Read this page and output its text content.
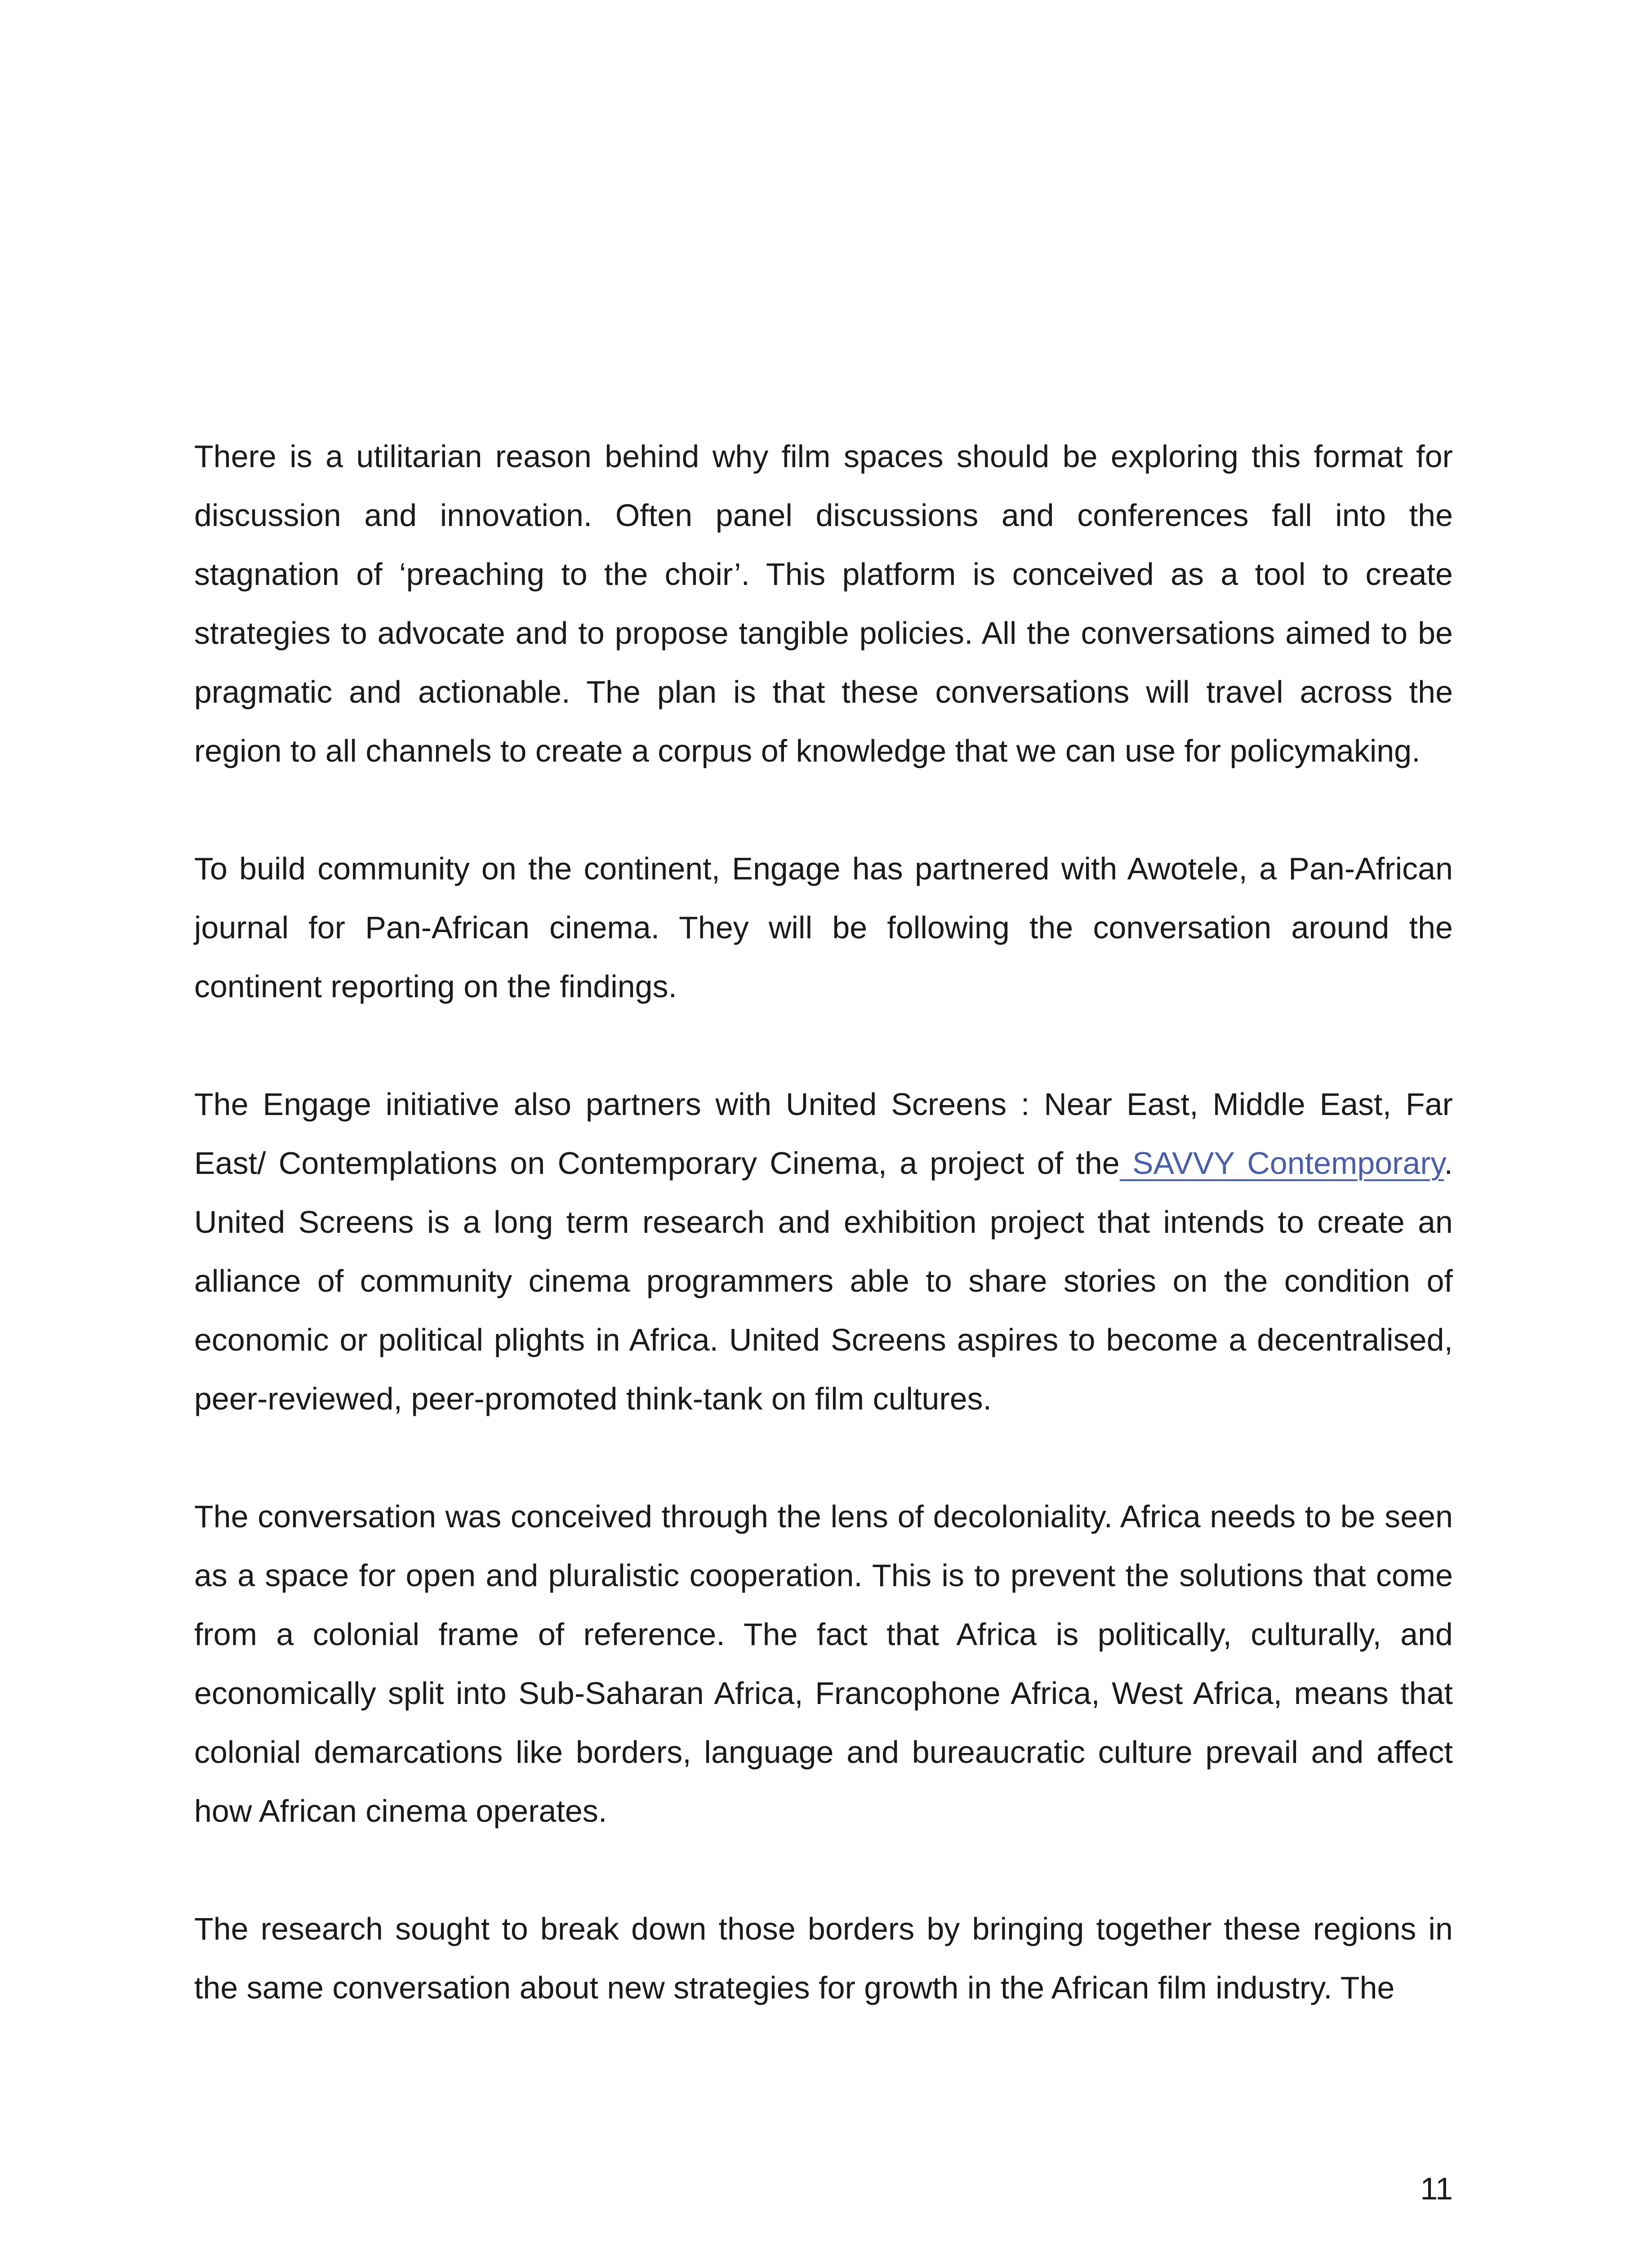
There is a utilitarian reason behind why film spaces should be exploring this format for discussion and innovation. Often panel discussions and conferences fall into the stagnation of ‘preaching to the choir’. This platform is conceived as a tool to create strategies to advocate and to propose tangible policies. All the conversations aimed to be pragmatic and actionable. The plan is that these conversations will travel across the region to all channels to create a corpus of knowledge that we can use for policymaking.

To build community on the continent, Engage has partnered with Awotele, a Pan-African journal for Pan-African cinema. They will be following the conversation around the continent reporting on the findings.

The Engage initiative also partners with United Screens : Near East, Middle East, Far East/ Contemplations on Contemporary Cinema, a project of the SAVVY Contemporary. United Screens is a long term research and exhibition project that intends to create an alliance of community cinema programmers able to share stories on the condition of economic or political plights in Africa. United Screens aspires to become a decentralised, peer-reviewed, peer-promoted think-tank on film cultures.

The conversation was conceived through the lens of decoloniality. Africa needs to be seen as a space for open and pluralistic cooperation. This is to prevent the solutions that come from a colonial frame of reference. The fact that Africa is politically, culturally, and economically split into Sub-Saharan Africa, Francophone Africa, West Africa, means that colonial demarcations like borders, language and bureaucratic culture prevail and affect how African cinema operates.

The research sought to break down those borders by bringing together these regions in the same conversation about new strategies for growth in the African film industry. The

11
